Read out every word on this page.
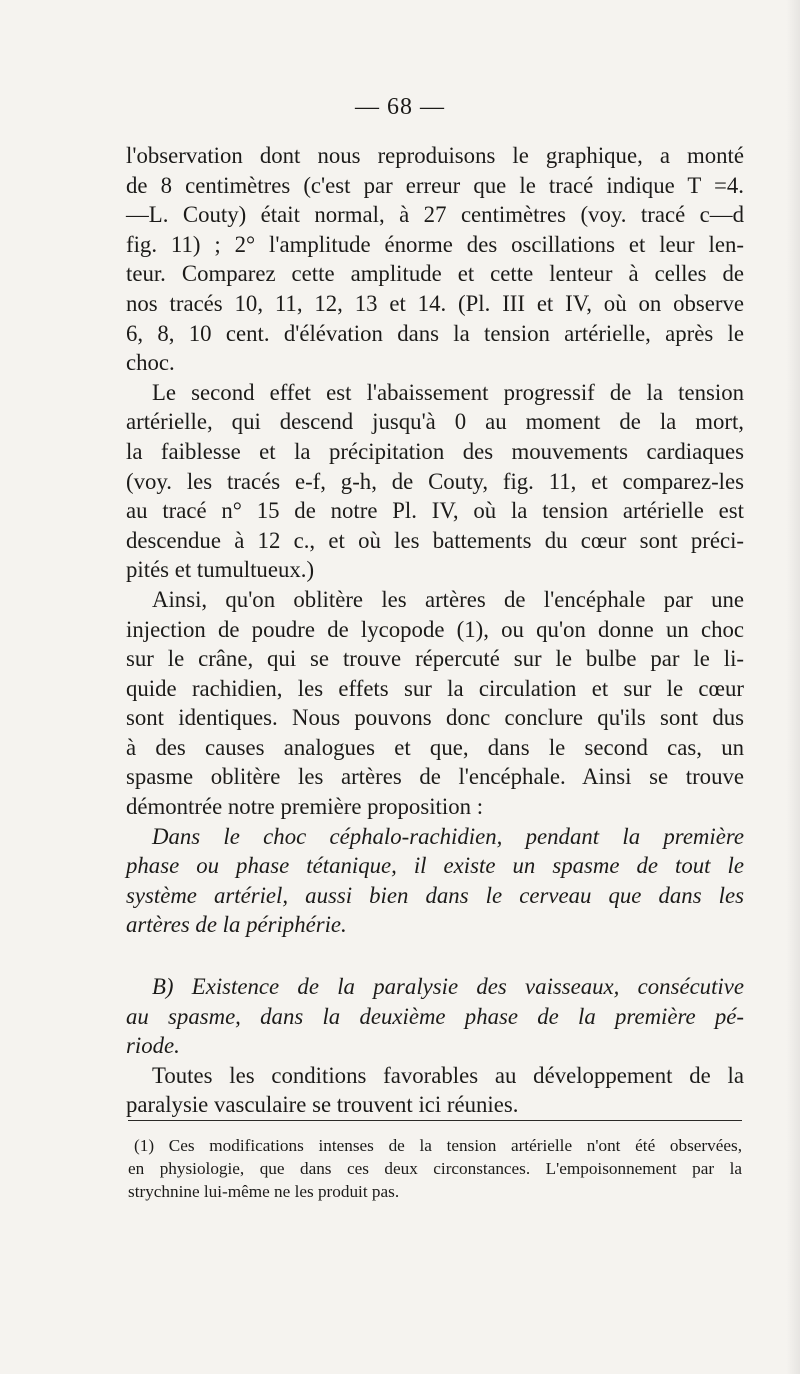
— 68 —
l'observation dont nous reproduisons le graphique, a monté
de 8 centimètres (c'est par erreur que le tracé indique T =4.
—L. Couty) était normal, à 27 centimètres (voy. tracé c—d
fig. 11) ; 2° l'amplitude énorme des oscillations et leur len-
teur. Comparez cette amplitude et cette lenteur à celles de
nos tracés 10, 11, 12, 13 et 14. (Pl. III et IV, où on observe
6, 8, 10 cent. d'élévation dans la tension artérielle, après le
choc.
Le second effet est l'abaissement progressif de la tension
artérielle, qui descend jusqu'à 0 au moment de la mort,
la faiblesse et la précipitation des mouvements cardiaques
(voy. les tracés e-f, g-h, de Couty, fig. 11, et comparez-les
au tracé n° 15 de notre Pl. IV, où la tension artérielle est
descendue à 12 c., et où les battements du cœur sont préci-
pités et tumultueux.)
Ainsi, qu'on oblitère les artères de l'encéphale par une
injection de poudre de lycopode (1), ou qu'on donne un choc
sur le crâne, qui se trouve répercuté sur le bulbe par le li-
quide rachidien, les effets sur la circulation et sur le cœur
sont identiques. Nous pouvons donc conclure qu'ils sont dus
à des causes analogues et que, dans le second cas, un
spasme oblitère les artères de l'encéphale. Ainsi se trouve
démontrée notre première proposition :
Dans le choc céphalo-rachidien, pendant la première
phase ou phase tétanique, il existe un spasme de tout le
système artériel, aussi bien dans le cerveau que dans les
artères de la périphérie.
B) Existence de la paralysie des vaisseaux, consécutive
au spasme, dans la deuxième phase de la première pé-
riode.
Toutes les conditions favorables au développement de la
paralysie vasculaire se trouvent ici réunies.
(1) Ces modifications intenses de la tension artérielle n'ont été observées,
en physiologie, que dans ces deux circonstances. L'empoisonnement par la
strychnine lui-même ne les produit pas.
